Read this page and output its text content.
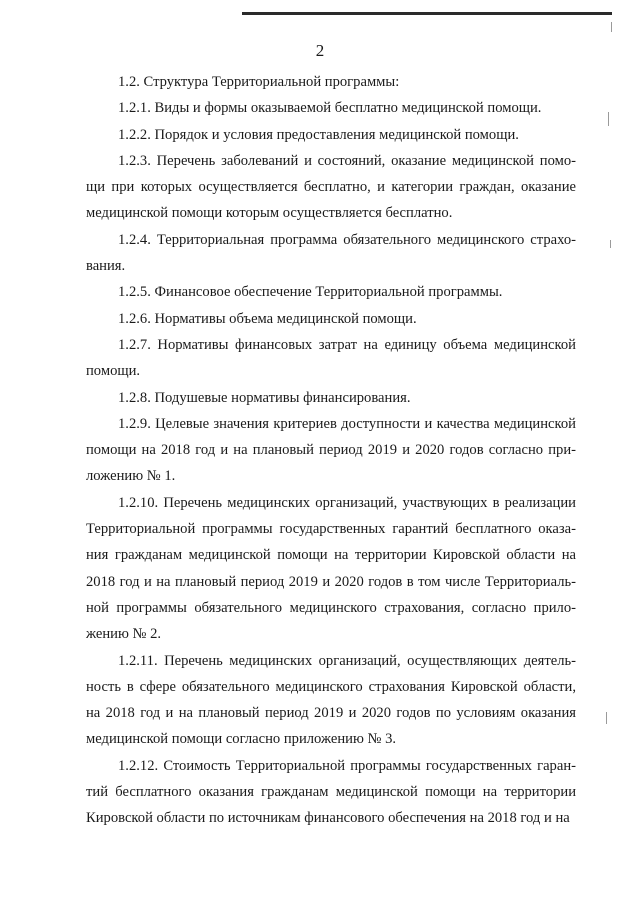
2

1.2. Структура Территориальной программы:

1.2.1. Виды и формы оказываемой бесплатно медицинской помощи.

1.2.2. Порядок и условия предоставления медицинской помощи.

1.2.3. Перечень заболеваний и состояний, оказание медицинской помо-
щи при которых осуществляется бесплатно, и категории граждан, оказание
медицинской помощи которым осуществляется бесплатно.

1.2.4. Территориальная программа обязательного медицинского страхо-
вания.

1.2.5. Финансовое обеспечение Территориальной программы.

1.2.6. Нормативы объема медицинской помощи.

1.2.7. Нормативы финансовых затрат на единицу объема медицинской
помощи.

1.2.8. Подушевые нормативы финансирования.

1.2.9. Целевые значения критериев доступности и качества медицинской
помощи на 2018 год и на плановый период 2019 и 2020 годов согласно при-
ложению № 1.

1.2.10. Перечень медицинских организаций, участвующих в реализации
Территориальной программы государственных гарантий бесплатного оказа-
ния гражданам медицинской помощи на территории Кировской области на
2018 год и на плановый период 2019 и 2020 годов в том числе Территориаль-
ной программы обязательного медицинского страхования, согласно прило-
жению № 2.

1.2.11. Перечень медицинских организаций, осуществляющих деятель-
ность в сфере обязательного медицинского страхования Кировской области,
на 2018 год и на плановый период 2019 и 2020 годов по условиям оказания
медицинской помощи согласно приложению № 3.

1.2.12. Стоимость Территориальной программы государственных гаран-
тий бесплатного оказания гражданам медицинской помощи на территории
Кировской области по источникам финансового обеспечения на 2018 год и на
